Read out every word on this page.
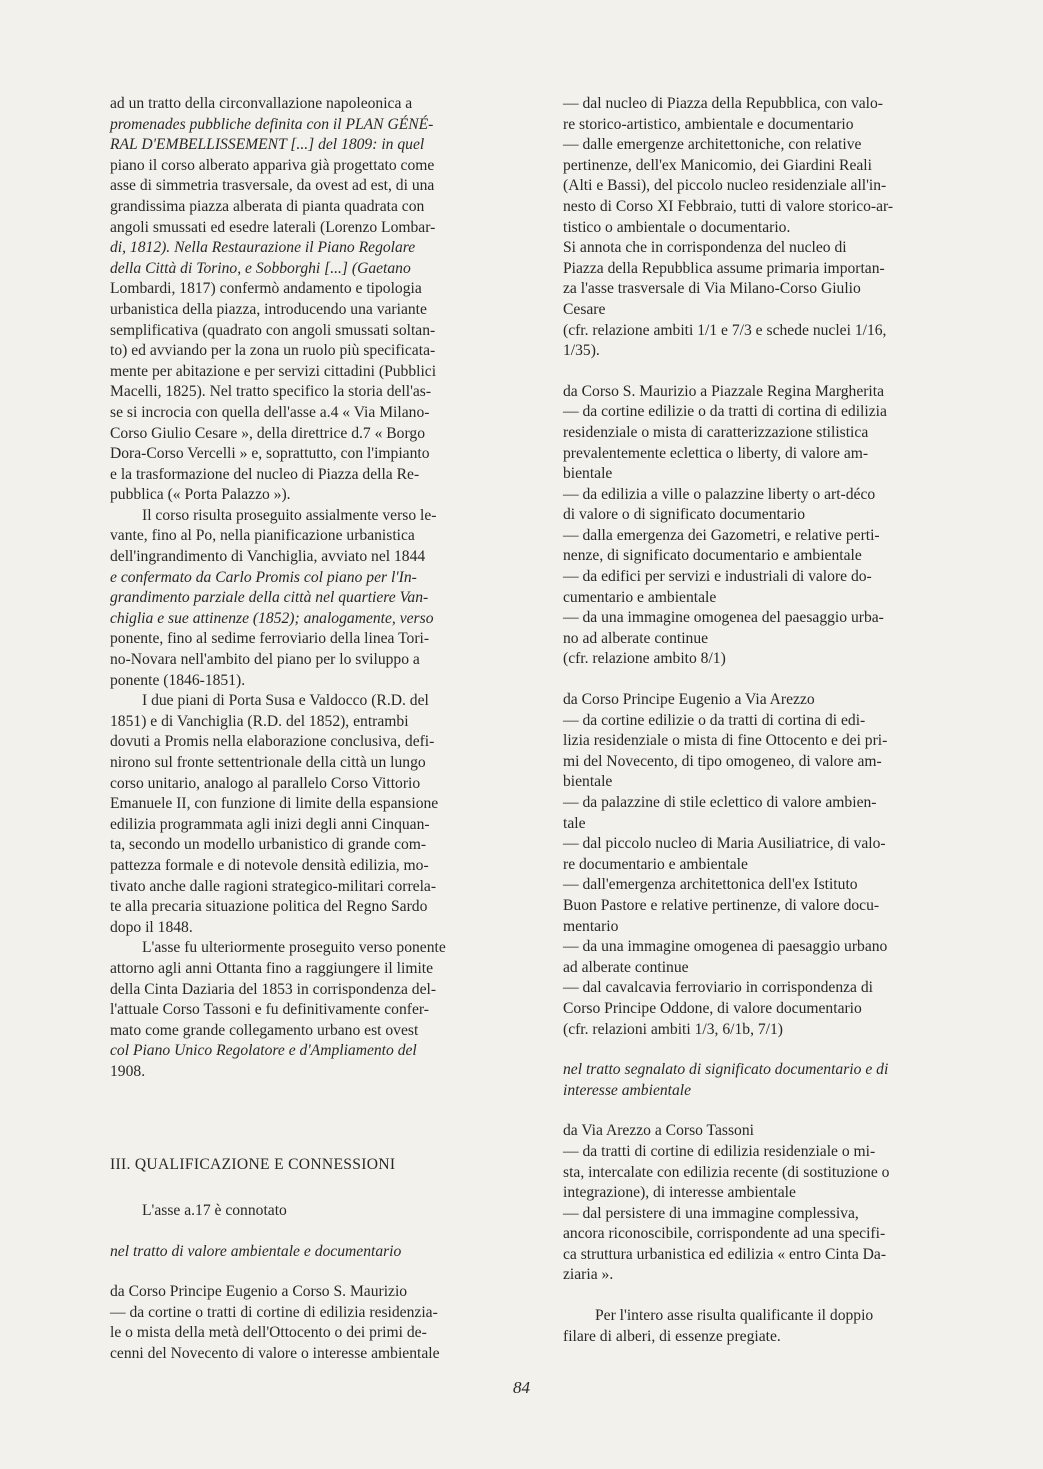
ad un tratto della circonvallazione napoleonica a
promenades pubbliche definita con il PLAN GÉNÉ-
RAL D'EMBELLISSEMENT [...] del 1809: in quel
piano il corso alberato appariva già progettato come
asse di simmetria trasversale, da ovest ad est, di una
grandissima piazza alberata di pianta quadrata con
angoli smussati ed esedre laterali (Lorenzo Lombar-
di, 1812). Nella Restaurazione il Piano Regolare
della Città di Torino, e Sobborghi [...] (Gaetano
Lombardi, 1817) confermò andamento e tipologia
urbanistica della piazza, introducendo una variante
semplificativa (quadrato con angoli smussati soltan-
to) ed avviando per la zona un ruolo più specificata-
mente per abitazione e per servizi cittadini (Pubblici
Macelli, 1825). Nel tratto specifico la storia dell'as-
se si incrocia con quella dell'asse a.4 « Via Milano-
Corso Giulio Cesare », della direttrice d.7 « Borgo
Dora-Corso Vercelli » e, soprattutto, con l'impianto
e la trasformazione del nucleo di Piazza della Re-
pubblica (« Porta Palazzo »).

Il corso risulta proseguito assialmente verso le-
vante, fino al Po, nella pianificazione urbanistica
dell'ingrandimento di Vanchiglia, avviato nel 1844
e confermato da Carlo Promis col piano per l'In-
grandimento parziale della città nel quartiere Van-
chiglia e sue attinenze (1852); analogamente, verso
ponente, fino al sedime ferroviario della linea Tori-
no-Novara nell'ambito del piano per lo sviluppo a
ponente (1846-1851).

I due piani di Porta Susa e Valdocco (R.D. del
1851) e di Vanchiglia (R.D. del 1852), entrambi
dovuti a Promis nella elaborazione conclusiva, defi-
nirono sul fronte settentrionale della città un lungo
corso unitario, analogo al parallelo Corso Vittorio
Emanuele II, con funzione di limite della espansione
edilizia programmata agli inizi degli anni Cinquan-
ta, secondo un modello urbanistico di grande com-
pattezza formale e di notevole densità edilizia, mo-
tivato anche dalle ragioni strategico-militari correla-
te alla precaria situazione politica del Regno Sardo
dopo il 1848.

L'asse fu ulteriormente proseguito verso ponente
attorno agli anni Ottanta fino a raggiungere il limite
della Cinta Daziaria del 1853 in corrispondenza del-
l'attuale Corso Tassoni e fu definitivamente confer-
mato come grande collegamento urbano est ovest
col Piano Unico Regolatore e d'Ampliamento del
1908.

III. QUALIFICAZIONE E CONNESSIONI

L'asse a.17 è connotato

nel tratto di valore ambientale e documentario

da Corso Principe Eugenio a Corso S. Maurizio
— da cortine o tratti di cortine di edilizia residenzia-
le o mista della metà dell'Ottocento o dei primi de-
cenni del Novecento di valore o interesse ambientale

— dal nucleo di Piazza della Repubblica, con valo-
re storico-artistico, ambientale e documentario
— dalle emergenze architettoniche, con relative
pertinenze, dell'ex Manicomio, dei Giardini Reali
(Alti e Bassi), del piccolo nucleo residenziale all'in-
nesto di Corso XI Febbraio, tutti di valore storico-ar-
tistico o ambientale o documentario.
Si annota che in corrispondenza del nucleo di
Piazza della Repubblica assume primaria importan-
za l'asse trasversale di Via Milano-Corso Giulio
Cesare
(cfr. relazione ambiti 1/1 e 7/3 e schede nuclei 1/16,
1/35).

da Corso S. Maurizio a Piazzale Regina Margherita
— da cortine edilizie o da tratti di cortina di edilizia
residenziale o mista di caratterizzazione stilistica
prevalentemente eclettica o liberty, di valore am-
bientale
— da edilizia a ville o palazzine liberty o art-déco
di valore o di significato documentario
— dalla emergenza dei Gazometri, e relative perti-
nenze, di significato documentario e ambientale
— da edifici per servizi e industriali di valore do-
cumentario e ambientale
— da una immagine omogenea del paesaggio urba-
no ad alberate continue
(cfr. relazione ambito 8/1)

da Corso Principe Eugenio a Via Arezzo
— da cortine edilizie o da tratti di cortina di edi-
lizia residenziale o mista di fine Ottocento e dei pri-
mi del Novecento, di tipo omogeneo, di valore am-
bientale
— da palazzine di stile eclettico di valore ambien-
tale
— dal piccolo nucleo di Maria Ausiliatrice, di valo-
re documentario e ambientale
— dall'emergenza architettonica dell'ex Istituto
Buon Pastore e relative pertinenze, di valore docu-
mentario
— da una immagine omogenea di paesaggio urbano
ad alberate continue
— dal cavalcavia ferroviario in corrispondenza di
Corso Principe Oddone, di valore documentario
(cfr. relazioni ambiti 1/3, 6/1b, 7/1)

nel tratto segnalato di significato documentario e di
interesse ambientale

da Via Arezzo a Corso Tassoni
— da tratti di cortine di edilizia residenziale o mi-
sta, intercalate con edilizia recente (di sostituzione o
integrazione), di interesse ambientale
— dal persistere di una immagine complessiva,
ancora riconoscibile, corrispondente ad una specifi-
ca struttura urbanistica ed edilizia « entro Cinta Da-
ziaria ».

Per l'intero asse risulta qualificante il doppio
filare di alberi, di essenze pregiate.

84
